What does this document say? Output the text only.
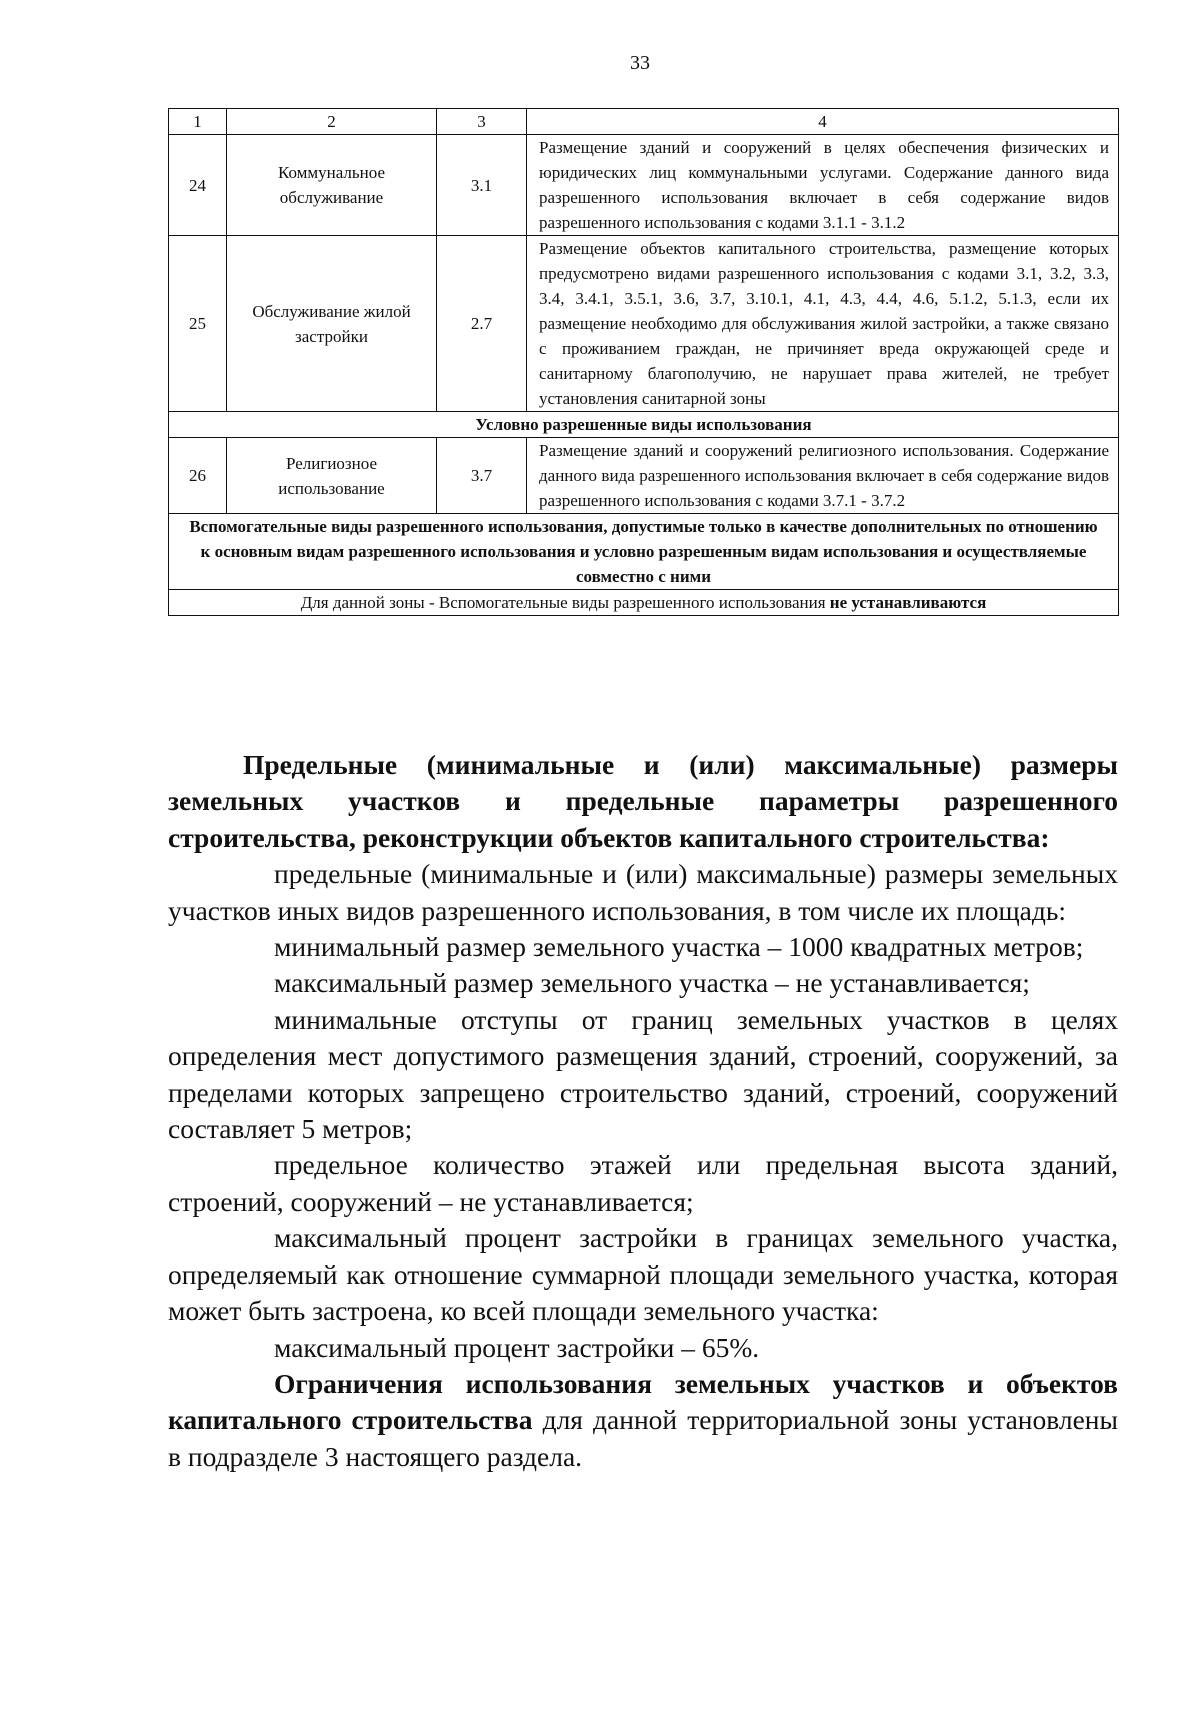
33
1	2	3	4
24	Коммунальное обслуживание	3.1	Размещение зданий и сооружений в целях обеспечения физических и юридических лиц коммунальными услугами. Содержание данного вида разрешенного использования включает в себя содержание видов разрешенного использования с кодами 3.1.1 - 3.1.2
25	Обслуживание жилой застройки	2.7	Размещение объектов капитального строительства, размещение которых предусмотрено видами разрешенного использования с кодами 3.1, 3.2, 3.3, 3.4, 3.4.1, 3.5.1, 3.6, 3.7, 3.10.1, 4.1, 4.3, 4.4, 4.6, 5.1.2, 5.1.3, если их размещение необходимо для обслуживания жилой застройки, а также связано с проживанием граждан, не причиняет вреда окружающей среде и санитарному благополучию, не нарушает права жителей, не требует установления санитарной зоны
Условно разрешенные виды использования			
26	Религиозное использование	3.7	Размещение зданий и сооружений религиозного использования. Содержание данного вида разрешенного использования включает в себя содержание видов разрешенного использования с кодами 3.7.1 - 3.7.2
Вспомогательные виды разрешенного использования, допустимые только в качестве дополнительных по отношению к основным видам разрешенного использования и условно разрешенным видам использования и осуществляемые совместно с ними			
Для данной зоны - Вспомогательные виды разрешенного использования не устанавливаются			

Предельные (минимальные и (или) максимальные) размеры земельных участков и предельные параметры разрешенного строительства, реконструкции объектов капитального строительства:

предельные (минимальные и (или) максимальные) размеры земельных участков иных видов разрешенного использования, в том числе их площадь:

минимальный размер земельного участка – 1000 квадратных метров;

максимальный размер земельного участка – не устанавливается;

минимальные отступы от границ земельных участков в целях определения мест допустимого размещения зданий, строений, сооружений, за пределами которых запрещено строительство зданий, строений, сооружений составляет 5 метров;

предельное количество этажей или предельная высота зданий, строений, сооружений – не устанавливается;

максимальный процент застройки в границах земельного участка, определяемый как отношение суммарной площади земельного участка, которая может быть застроена, ко всей площади земельного участка:

максимальный процент застройки – 65%.

Ограничения использования земельных участков и объектов капитального строительства для данной территориальной зоны установлены в подразделе 3 настоящего раздела.
